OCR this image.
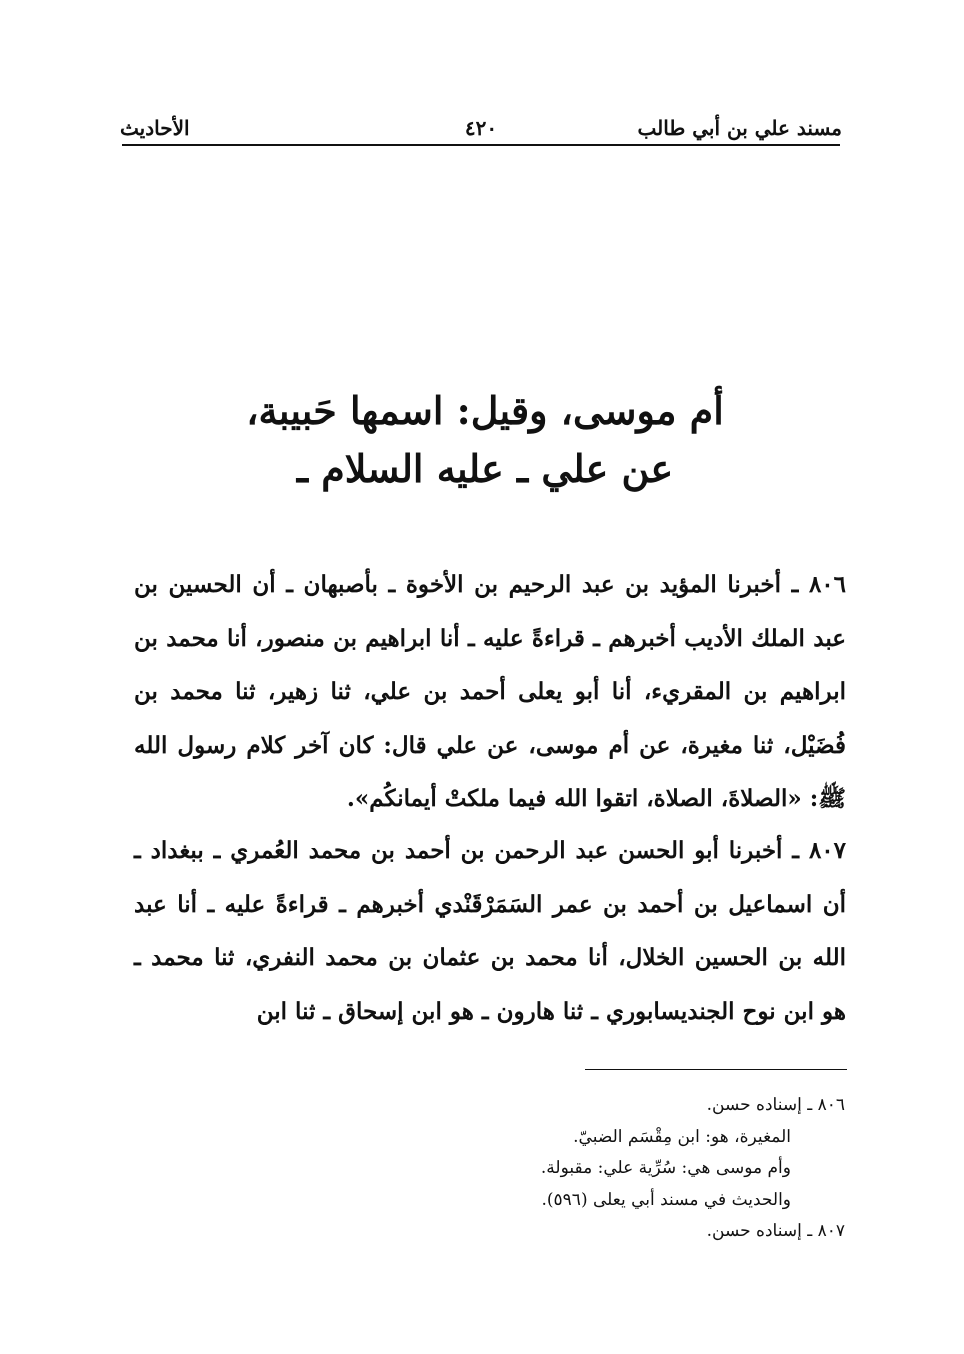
مسند علي بن أبي طالب
٤٢٠
الأحاديث
أم موسى، وقيل: اسمها حَبيبة،
عن علي ـ عليه السلام ـ
٨٠٦ ـ أخبرنا المؤيد بن عبد الرحيم بن الأخوة ـ بأصبهان ـ أن الحسين بن عبد الملك الأديب أخبرهم ـ قراءةً عليه ـ أنا ابراهيم بن منصور، أنا محمد بن ابراهيم بن المقريء، أنا أبو يعلى أحمد بن علي، ثنا زهير، ثنا محمد بن فُضَيْل، ثنا مغيرة، عن أم موسى، عن علي قال: كان آخر كلام رسول الله ﷺ: «الصلاةَ، الصلاة، اتقوا الله فيما ملكتْ أيمانكُم».
٨٠٧ ـ أخبرنا أبو الحسن عبد الرحمن بن أحمد بن محمد العُمري ـ ببغداد ـ أن اسماعيل بن أحمد بن عمر السَمَرْقَنْدي أخبرهم ـ قراءةً عليه ـ أنا عبد الله بن الحسين الخلال، أنا محمد بن عثمان بن محمد النفري، ثنا محمد ـ هو ابن نوح الجنديسابوري ـ ثنا هارون ـ هو ابن إسحاق ـ ثنا ابن
٨٠٦ ـ إسناده حسن.
المغيرة، هو: ابن مِقْسَم الضبيّ.
وأم موسى هي: سُرِّية علي: مقبولة.
والحديث في مسند أبي يعلى (٥٩٦).
٨٠٧ ـ إسناده حسن.
